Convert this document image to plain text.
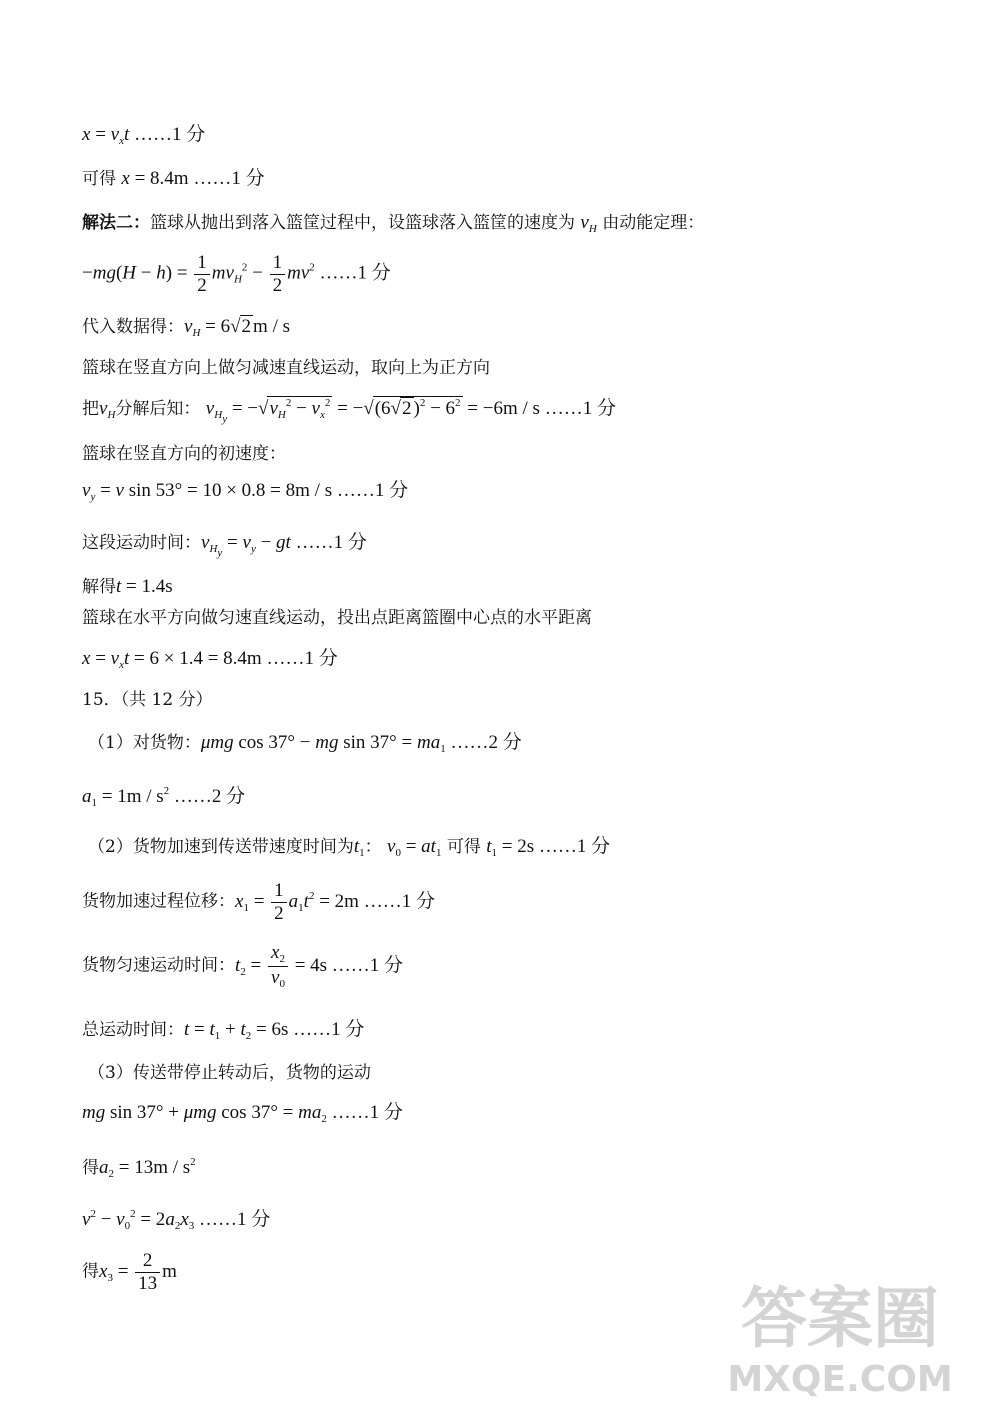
$x = v_xt$ ……1 分
可得 x = 8.4m ……1 分
解法二：篮球从抛出到落入篮筐过程中，设篮球落入篮筐的速度为 $v_H$ 由动能定理：
$-mg(H - h) = \frac{1}{2} mv_H^2 - \frac{1}{2} mv^2$ ……1 分
代入数据得：$v_H = 6√2$ m / s
篮球在竖直方向上做匀减速直线运动，取向上为正方向
把$v_H$分解后知： $v_{H_y} = -√v_H^2 - v_x^2 = -√(6√2$ )$^2 - 6^2 = -6m / s$ ……1 分
篮球在竖直方向的初速度：
$v_y = v$ sin 53° = 10 × 0.8 = 8m / s ……1 分
这段运动时间：$v_{H_y} = v_y$ − gt ……1 分
解得t = 1.4s
篮球在水平方向做匀速直线运动，投出点距离篮圈中心点的水平距离
$x = v_xt = 6 \times 1.4 = 8.4m$ ……1 分
15．（共 12 分）
（1）对货物：μmg cos 37° − mg $\sin 37^\circ = ma_1$ ……2 分
$a_1 = 1m / s^2$ ……2 分
（2）货物加速到传送带速度时间为$t_1$： $v_0 = at_1$ 可得 $t_1 = 2s$ ……1 分
货物加速过程位移：$x_1 = \frac{1}{2} a_1t^2 = 2m$ ……1 分
货物匀速运动时间：$t_2 = \frac{x_2}{v_0} = 4s$ ……1 分
总运动时间：$t = t_1 + t_2 = 6s$ ……1 分
（3）传送带停止转动后，货物的运动
mg sin 37° + μmg $\cos 37^\circ = ma_2$ ……1 分
得$a_2 = 13m / s^2$
$v^2 - v_0^2 = 2a_2x_3$ ……1 分
得$x_3 = \frac{2}{13}$ m
答案圈
MXQE.COM
